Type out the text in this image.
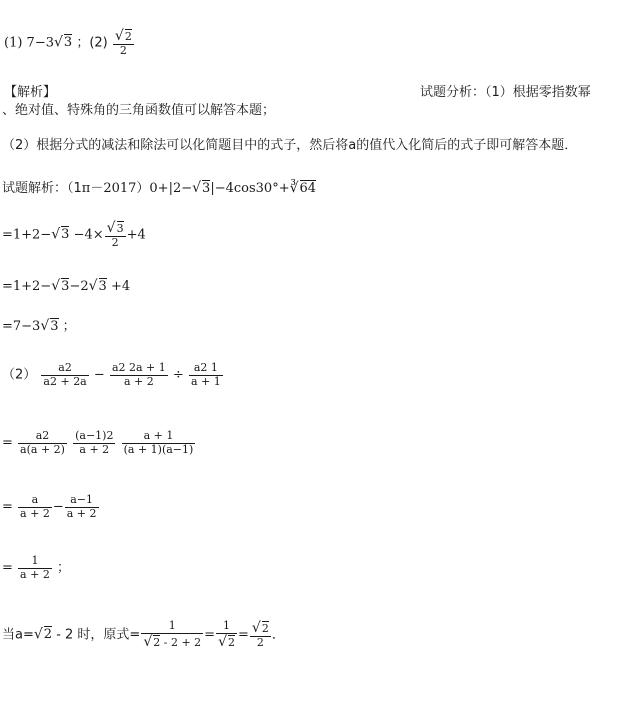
(1) 7−3√3 ；$(2) \frac{√2}{2}$
【解析】	试题分析：（1）根据零指数幂
、绝对值、特殊角的三角函数值可以解答本题；
（2）根据分式的减法和除法可以化简题目中的式子，然后将a的值代入化简后的式子即可解答本题．
试题解析：（1π－2017）0+|2−√3|−4cos30°+∛64
$=1+2-√3 -4\times \frac{√3}{2} +4$
=1+2−√3−2√3 +4
=7−3√3 ；
$(2) \frac{a2}{a2 + 2a} - \frac{a2 2a + 1}{a + 2} \div \frac{a2 1}{a + 1}$
= $\frac{a2}{a(a + 2)}$
$\frac{(a-1)2}{a + 2}$
$\frac{a + 1}{(a + 1)(a-1)}$
= $\frac{a}{a + 2} - \frac{a-1}{a + 2}$
= $\frac{1}{a + 2}$ ；
当a=√2 - 2 时，原式= $\frac{1}{√2 - 2 + 2} = \frac{1}{√2} = \frac{√2}{2}$ ．
